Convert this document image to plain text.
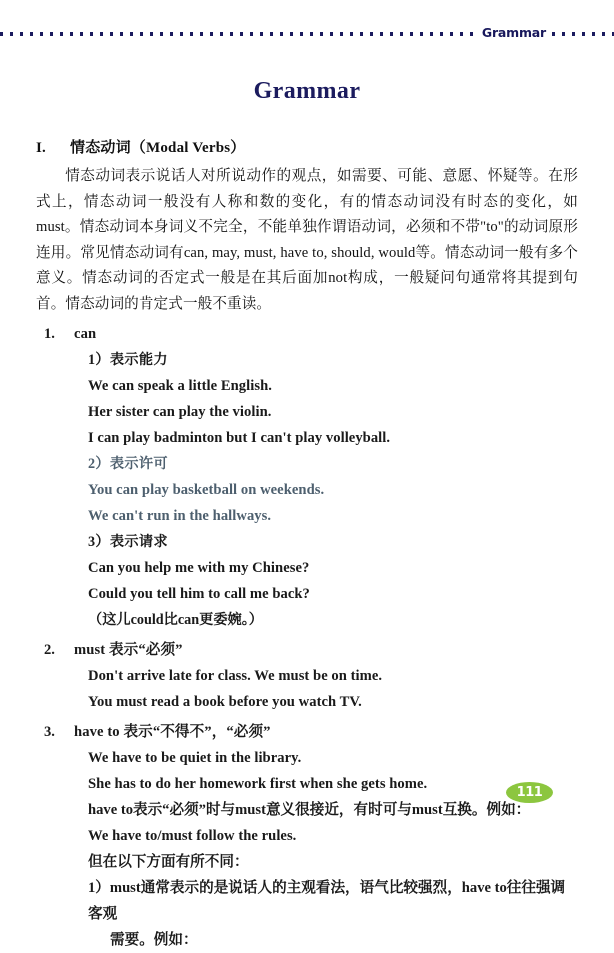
Grammar
Grammar
I. 情态动词（Modal Verbs）

情态动词表示说话人对所说动作的观点，如需要、可能、意愿、怀疑等。在形式上，情态动词一般没有人称和数的变化，有的情态动词没有时态的变化，如must。情态动词本身词义不完全，不能单独作谓语动词，必须和不带"to"的动词原形连用。常见情态动词有can, may, must, have to, should, would等。情态动词一般有多个意义。情态动词的否定式一般是在其后面加not构成，一般疑问句通常将其提到句首。情态动词的肯定式一般不重读。

1.	can
1）表示能力
We can speak a little English.
Her sister can play the violin.
I can play badminton but I can't play volleyball.
2）表示许可
You can play basketball on weekends.
We can't run in the hallways.
3）表示请求
Can you help me with my Chinese?
Could you tell him to call me back?
（这儿could比can更委婉。）
2.	must 表示“必须”
Don't arrive late for class. We must be on time.
You must read a book before you watch TV.
3.	have to 表示“不得不”，“必须”
We have to be quiet in the library.
She has to do her homework first when she gets home.
have to表示“必须”时与must意义很接近，有时可与must互换。例如：
We have to/must follow the rules.
但在以下方面有所不同：
1）must通常表示的是说话人的主观看法，语气比较强烈，have to往往强调客观
需要。例如：
111
